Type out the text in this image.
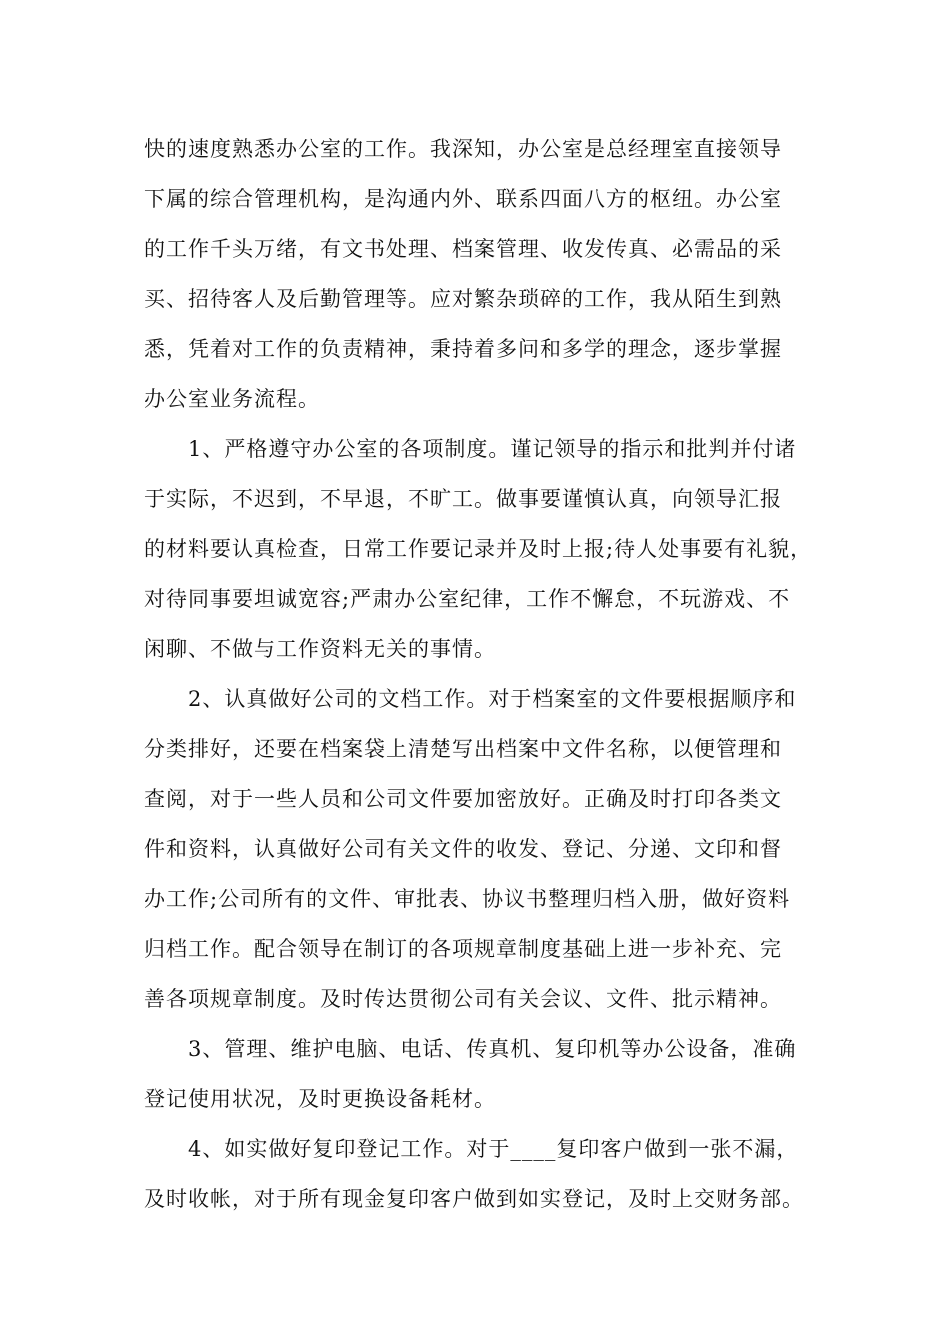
快的速度熟悉办公室的工作。我深知，办公室是总经理室直接领导
下属的综合管理机构，是沟通内外、联系四面八方的枢纽。办公室
的工作千头万绪，有文书处理、档案管理、收发传真、必需品的采
买、招待客人及后勤管理等。应对繁杂琐碎的工作，我从陌生到熟
悉，凭着对工作的负责精神，秉持着多问和多学的理念，逐步掌握
办公室业务流程。
1、严格遵守办公室的各项制度。谨记领导的指示和批判并付诸
于实际，不迟到，不早退，不旷工。做事要谨慎认真，向领导汇报
的材料要认真检查，日常工作要记录并及时上报;待人处事要有礼貌，
对待同事要坦诚宽容;严肃办公室纪律，工作不懈怠，不玩游戏、不
闲聊、不做与工作资料无关的事情。
2、认真做好公司的文档工作。对于档案室的文件要根据顺序和
分类排好，还要在档案袋上清楚写出档案中文件名称，以便管理和
查阅，对于一些人员和公司文件要加密放好。正确及时打印各类文
件和资料，认真做好公司有关文件的收发、登记、分递、文印和督
办工作;公司所有的文件、审批表、协议书整理归档入册，做好资料
归档工作。配合领导在制订的各项规章制度基础上进一步补充、完
善各项规章制度。及时传达贯彻公司有关会议、文件、批示精神。
3、管理、维护电脑、电话、传真机、复印机等办公设备，准确
登记使用状况，及时更换设备耗材。
4、如实做好复印登记工作。对于____复印客户做到一张不漏，
及时收帐，对于所有现金复印客户做到如实登记，及时上交财务部。
